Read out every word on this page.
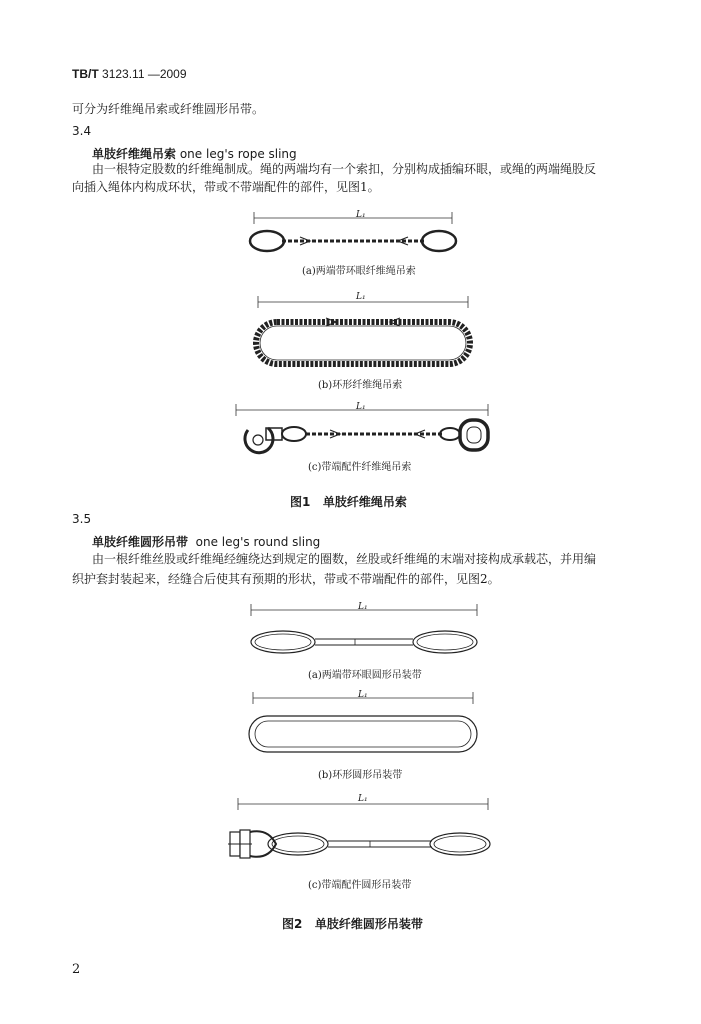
TB/T 3123.11 —2009
可分为纤维绳吊索或纤维圆形吊带。
3.4
单肢纤维绳吊索 one leg's rope sling
由一根特定股数的纤维绳制成。绳的两端均有一个索扣，分别构成插编环眼，或绳的两端绳股反
向插入绳体内构成环状，带或不带端配件的部件，见图1。
L₁
(a)两端带环眼纤维绳吊索
L₁
(b)环形纤维绳吊索
L₁
(c)带端配件纤维绳吊索
图1 单肢纤维绳吊索
3.5
单肢纤维圆形吊带 one leg's round sling
由一根纤维丝股或纤维绳经缠绕达到规定的圈数，丝股或纤维绳的末端对接构成承载芯，并用编
织护套封装起来，经缝合后使其有预期的形状，带或不带端配件的部件，见图2。
L₁
(a)两端带环眼圆形吊装带
L₁
(b)环形圆形吊装带
L₁
(c)带端配件圆形吊装带
图2 单肢纤维圆形吊装带
2
